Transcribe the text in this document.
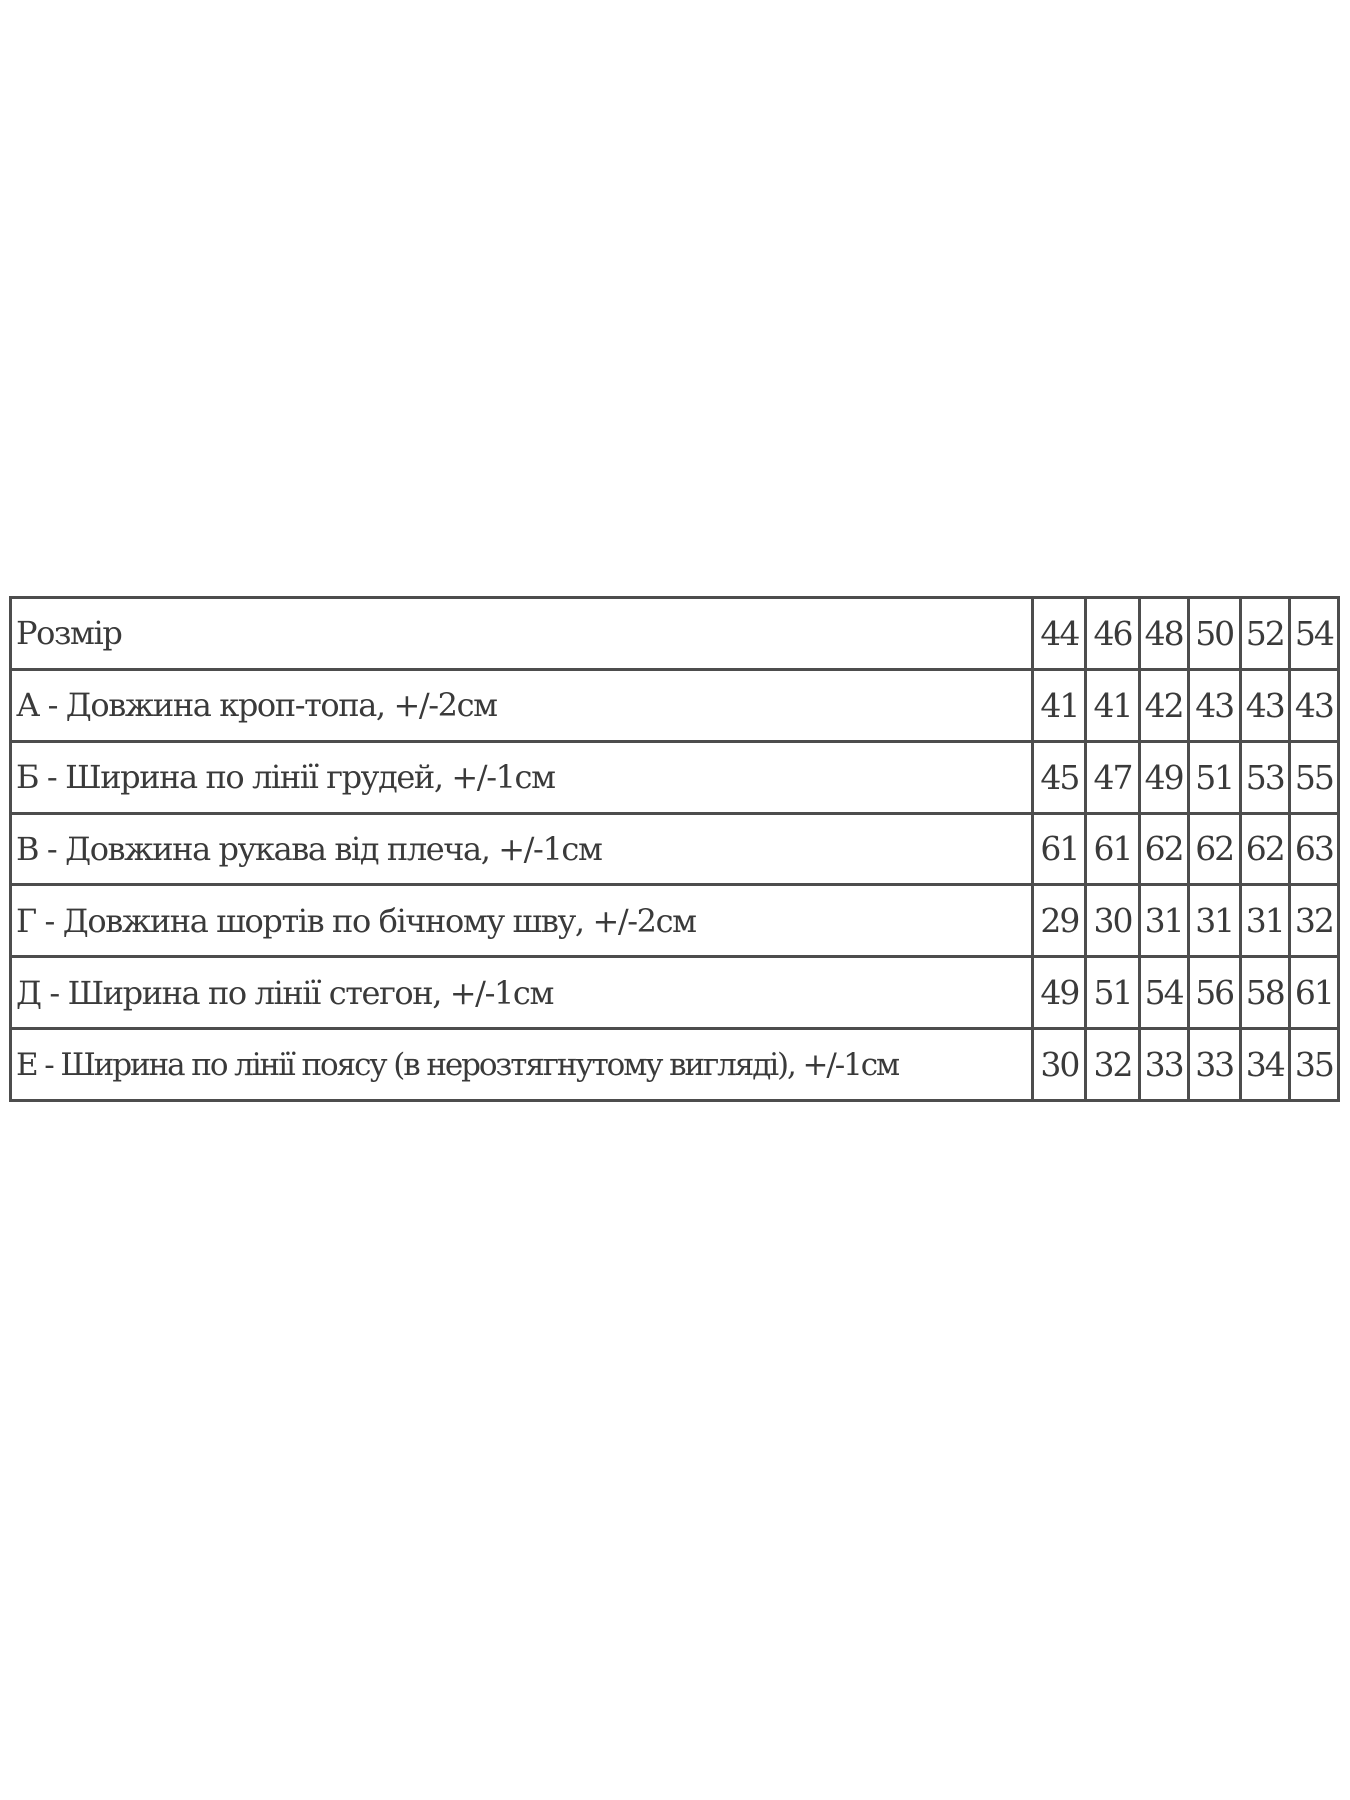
Розмір	44	46	48	50	52	54
А - Довжина кроп-топа, +/-2см	41	41	42	43	43	43
Б - Ширина по лінії грудей, +/-1см	45	47	49	51	53	55
В - Довжина рукава від плеча, +/-1см	61	61	62	62	62	63
Г - Довжина шортів по бічному шву, +/-2см	29	30	31	31	31	32
Д - Ширина по лінії стегон, +/-1см	49	51	54	56	58	61
Е - Ширина по лінії поясу (в нерозтягнутому вигляді), +/-1см	30	32	33	33	34	35
